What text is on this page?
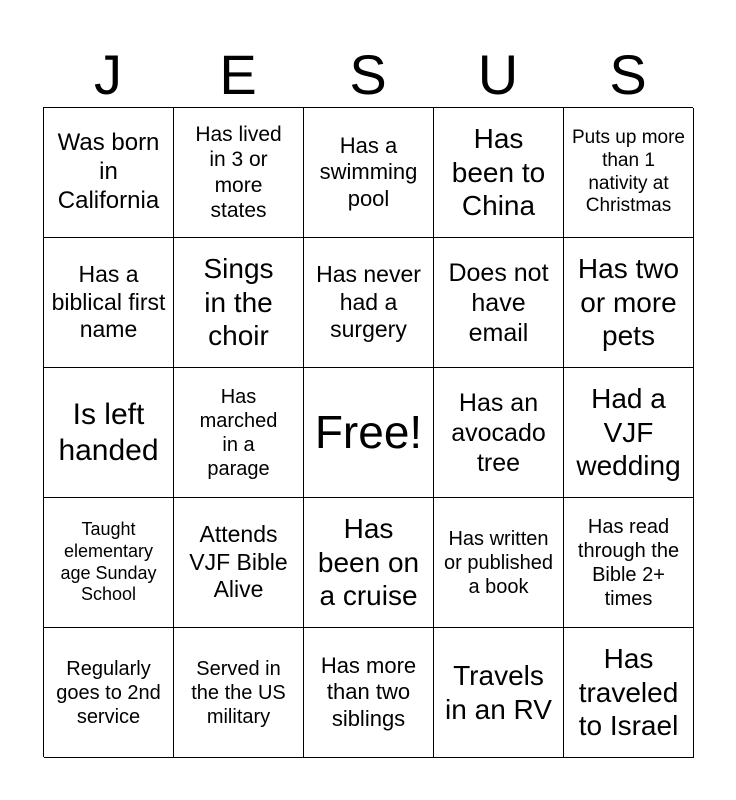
J	E	S	U	S
Was born in California
Has lived in 3 or more states
Has a swimming pool
Has been to China
Puts up more than 1 nativity at Christmas
Has a biblical first name
Sings in the choir
Has never had a surgery
Does not have email
Has two or more pets
Is left handed
Has marched in a parage
Free!
Has an avocado tree
Had a VJF wedding
Taught elementary age Sunday School
Attends VJF Bible Alive
Has been on a cruise
Has written or published a book
Has read through the Bible 2+ times
Regularly goes to 2nd service
Served in the the US military
Has more than two siblings
Travels in an RV
Has traveled to Israel
